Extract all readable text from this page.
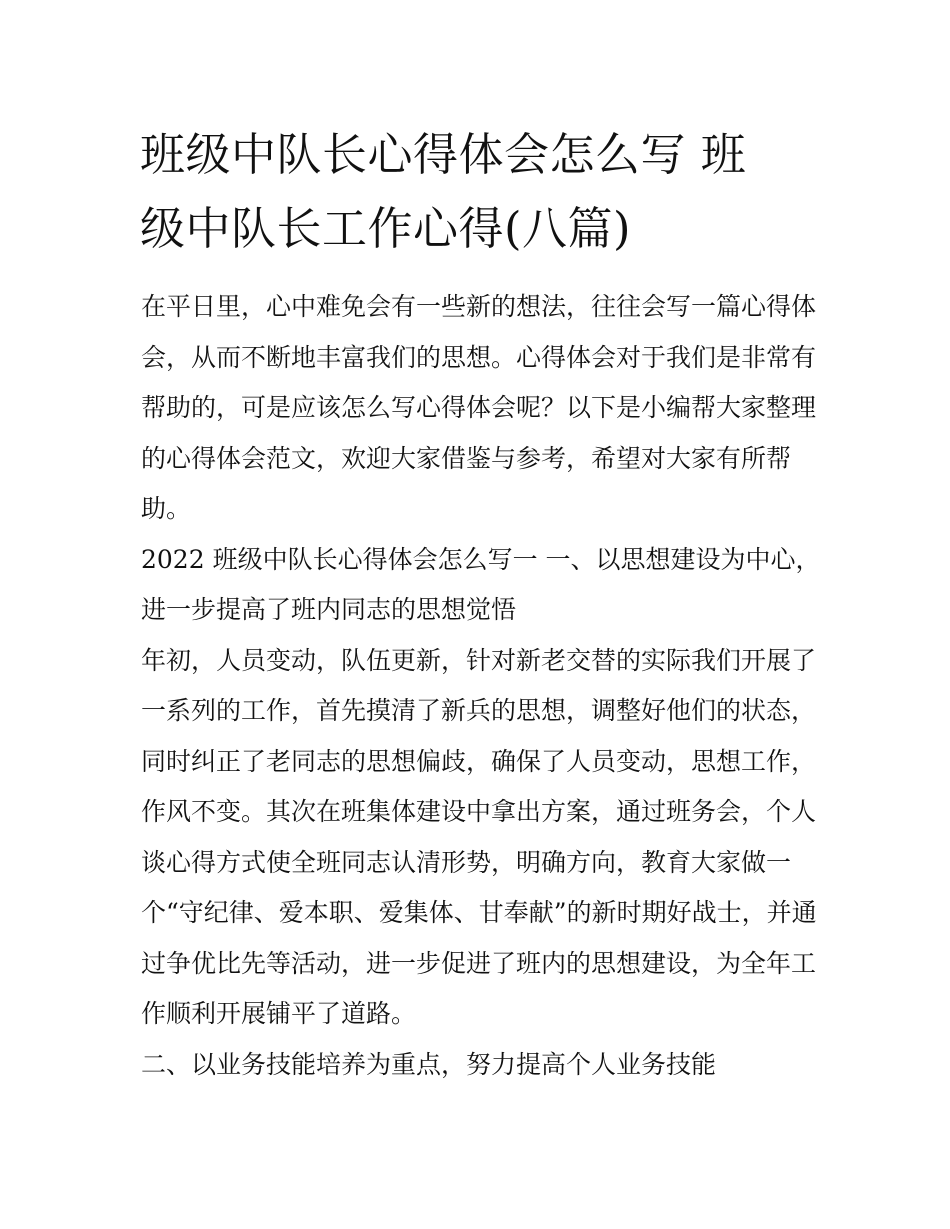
班级中队长心得体会怎么写 班
级中队长工作心得(八篇)
在平日里，心中难免会有一些新的想法，往往会写一篇心得体
会，从而不断地丰富我们的思想。心得体会对于我们是非常有
帮助的，可是应该怎么写心得体会呢？以下是小编帮大家整理
的心得体会范文，欢迎大家借鉴与参考，希望对大家有所帮
助。
2022 班级中队长心得体会怎么写一 一、以思想建设为中心，
进一步提高了班内同志的思想觉悟
年初，人员变动，队伍更新，针对新老交替的实际我们开展了
一系列的工作，首先摸清了新兵的思想，调整好他们的状态，
同时纠正了老同志的思想偏歧，确保了人员变动，思想工作，
作风不变。其次在班集体建设中拿出方案，通过班务会，个人
谈心得方式使全班同志认清形势，明确方向，教育大家做一
个“守纪律、爱本职、爱集体、甘奉献”的新时期好战士，并通
过争优比先等活动，进一步促进了班内的思想建设，为全年工
作顺利开展铺平了道路。
二、以业务技能培养为重点，努力提高个人业务技能
